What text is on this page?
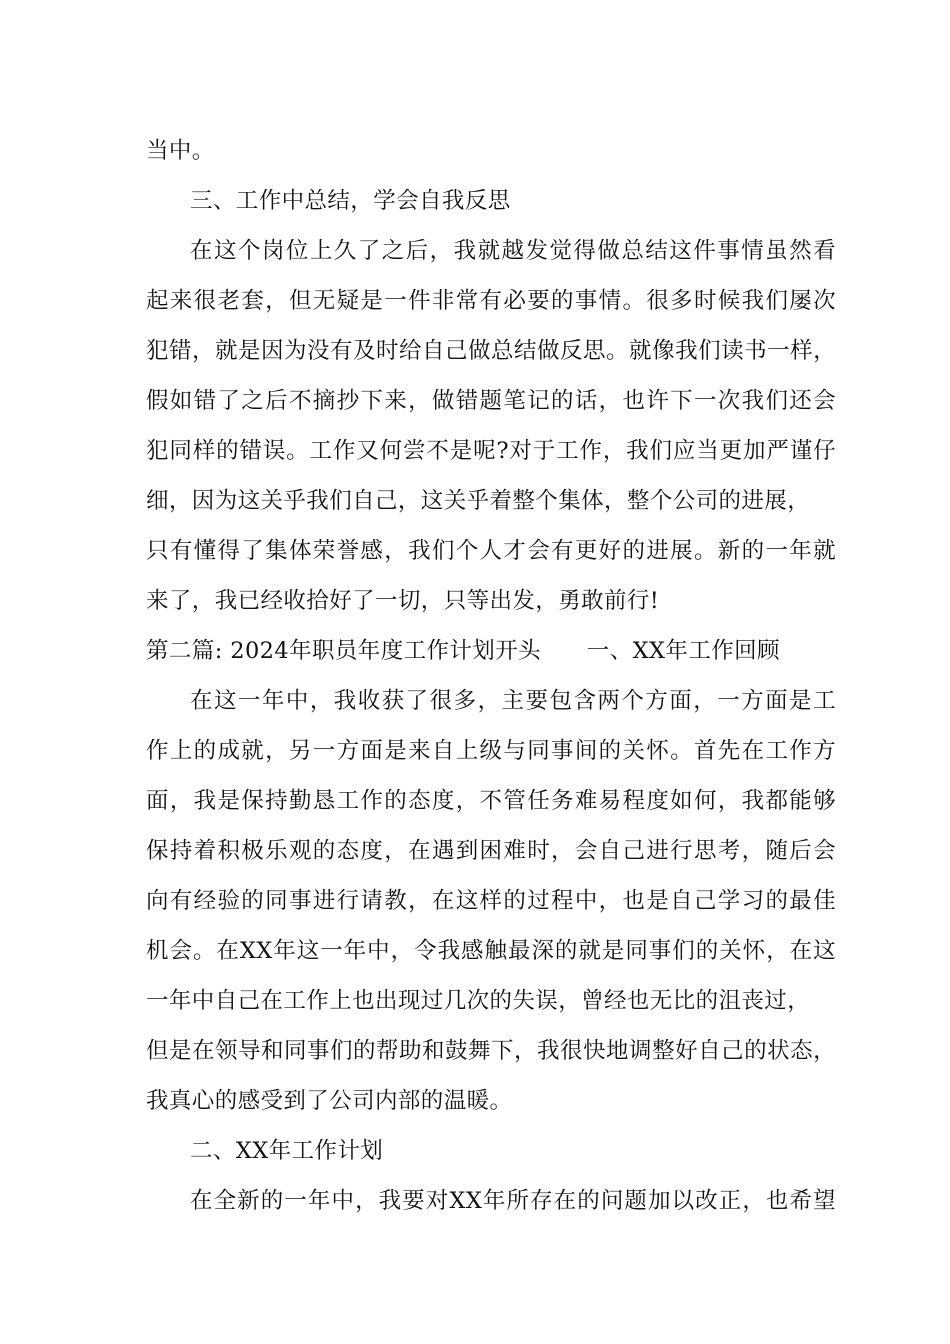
当中。
三、工作中总结，学会自我反思
在这个岗位上久了之后，我就越发觉得做总结这件事情虽然看
起来很老套，但无疑是一件非常有必要的事情。很多时候我们屡次
犯错，就是因为没有及时给自己做总结做反思。就像我们读书一样，
假如错了之后不摘抄下来，做错题笔记的话，也许下一次我们还会
犯同样的错误。工作又何尝不是呢?对于工作，我们应当更加严谨仔
细，因为这关乎我们自己，这关乎着整个集体，整个公司的进展，
只有懂得了集体荣誉感，我们个人才会有更好的进展。新的一年就
来了，我已经收拾好了一切，只等出发，勇敢前行!
第二篇: 2024年职员年度工作计划开头　　一、XX年工作回顾
在这一年中，我收获了很多，主要包含两个方面，一方面是工
作上的成就，另一方面是来自上级与同事间的关怀。首先在工作方
面，我是保持勤恳工作的态度，不管任务难易程度如何，我都能够
保持着积极乐观的态度，在遇到困难时，会自己进行思考，随后会
向有经验的同事进行请教，在这样的过程中，也是自己学习的最佳
机会。在XX年这一年中，令我感触最深的就是同事们的关怀，在这
一年中自己在工作上也出现过几次的失误，曾经也无比的沮丧过，
但是在领导和同事们的帮助和鼓舞下，我很快地调整好自己的状态，
我真心的感受到了公司内部的温暖。
二、XX年工作计划
在全新的一年中，我要对XX年所存在的问题加以改正，也希望
